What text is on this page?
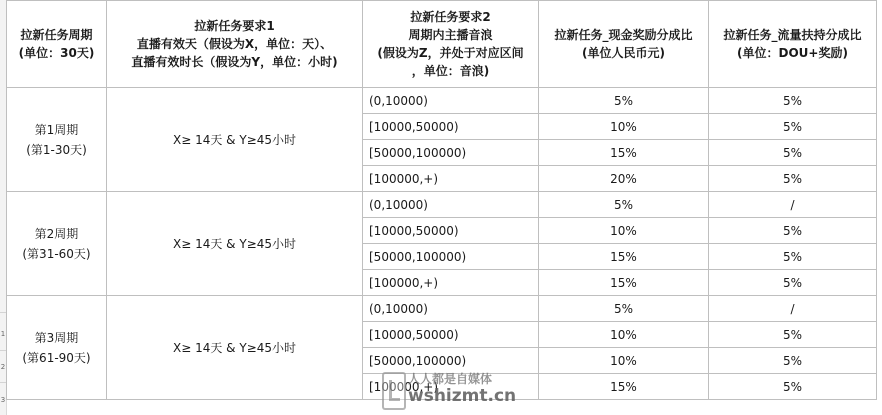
1
2
3
拉新任务周期
(单位：30天)	拉新任务要求1
直播有效天（假设为X，单位：天）、
直播有效时长（假设为Y，单位：小时)	拉新任务要求2
周期内主播音浪
(假设为Z，并处于对应区间
，单位：音浪)	拉新任务_现金奖励分成比
(单位人民币元)	拉新任务_流量扶持分成比
(单位：DOU+奖励)

第1周期
(第1-30天)	X≥ 14天 & Y≥45小时	(0,10000)	5%	5%
		[10000,50000)	10%	5%
		[50000,100000)	15%	5%
		[100000,+)	20%	5%

第2周期
(第31-60天)	X≥ 14天 & Y≥45小时	(0,10000)	5%	/
		[10000,50000)	10%	5%
		[50000,100000)	15%	5%
		[100000,+)	15%	5%

第3周期
(第61-90天)	X≥ 14天 & Y≥45小时	(0,10000)	5%	/
		[10000,50000)	10%	5%
		[50000,100000)	10%	5%
		[100000,+)	15%	5%
人人都是自媒体
wshizmt.cn
